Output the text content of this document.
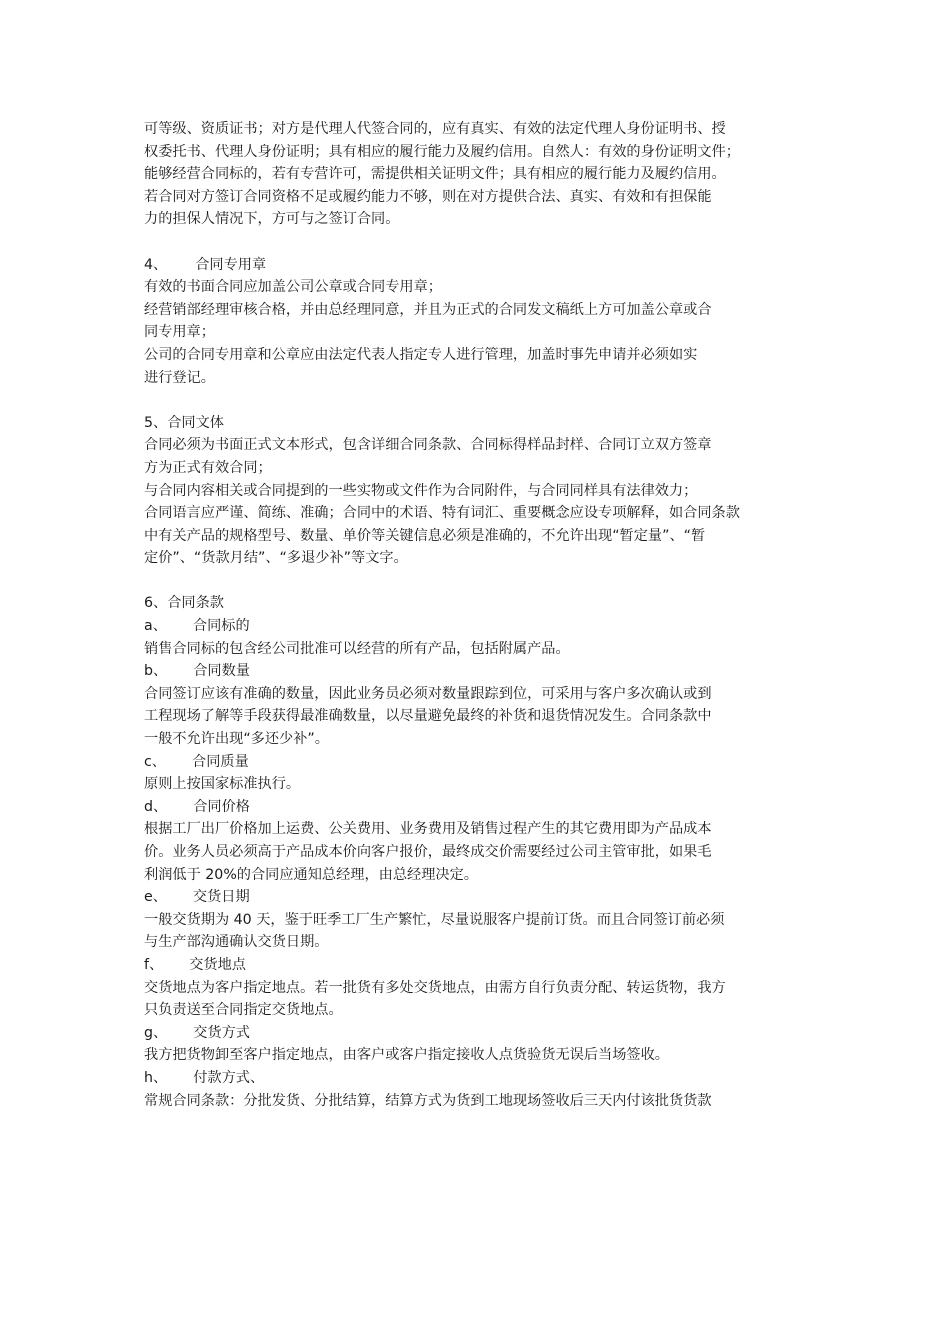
可等级、资质证书；对方是代理人代签合同的，应有真实、有效的法定代理人身份证明书、授
权委托书、代理人身份证明；具有相应的履行能力及履约信用。自然人：有效的身份证明文件；
能够经营合同标的，若有专营许可，需提供相关证明文件；具有相应的履行能力及履约信用。
若合同对方签订合同资格不足或履约能力不够，则在对方提供合法、真实、有效和有担保能
力的担保人情况下，方可与之签订合同。
4、 合同专用章
有效的书面合同应加盖公司公章或合同专用章；
经营销部经理审核合格，并由总经理同意，并且为正式的合同发文稿纸上方可加盖公章或合
同专用章；
公司的合同专用章和公章应由法定代表人指定专人进行管理，加盖时事先申请并必须如实
进行登记。
5、合同文体
合同必须为书面正式文本形式，包含详细合同条款、合同标得样品封样、合同订立双方签章
方为正式有效合同；
与合同内容相关或合同提到的一些实物或文件作为合同附件，与合同同样具有法律效力；
合同语言应严谨、简练、准确；合同中的术语、特有词汇、重要概念应设专项解释，如合同条款
中有关产品的规格型号、数量、单价等关键信息必须是准确的，不允许出现“暂定量”、“暂
定价”、“货款月结”、“多退少补”等文字。
6、合同条款
a、 合同标的
销售合同标的包含经公司批准可以经营的所有产品，包括附属产品。
b、 合同数量
合同签订应该有准确的数量，因此业务员必须对数量跟踪到位，可采用与客户多次确认或到
工程现场了解等手段获得最准确数量，以尽量避免最终的补货和退货情况发生。合同条款中
一般不允许出现“多还少补”。
c、 合同质量
原则上按国家标准执行。
d、 合同价格
根据工厂出厂价格加上运费、公关费用、业务费用及销售过程产生的其它费用即为产品成本
价。业务人员必须高于产品成本价向客户报价，最终成交价需要经过公司主管审批，如果毛
利润低于 20%的合同应通知总经理，由总经理决定。
e、 交货日期
一般交货期为 40 天，鉴于旺季工厂生产繁忙，尽量说服客户提前订货。而且合同签订前必须
与生产部沟通确认交货日期。
f、 交货地点
交货地点为客户指定地点。若一批货有多处交货地点，由需方自行负责分配、转运货物，我方
只负责送至合同指定交货地点。
g、 交货方式
我方把货物卸至客户指定地点，由客户或客户指定接收人点货验货无误后当场签收。
h、 付款方式、
常规合同条款：分批发货、分批结算，结算方式为货到工地现场签收后三天内付该批货货款
